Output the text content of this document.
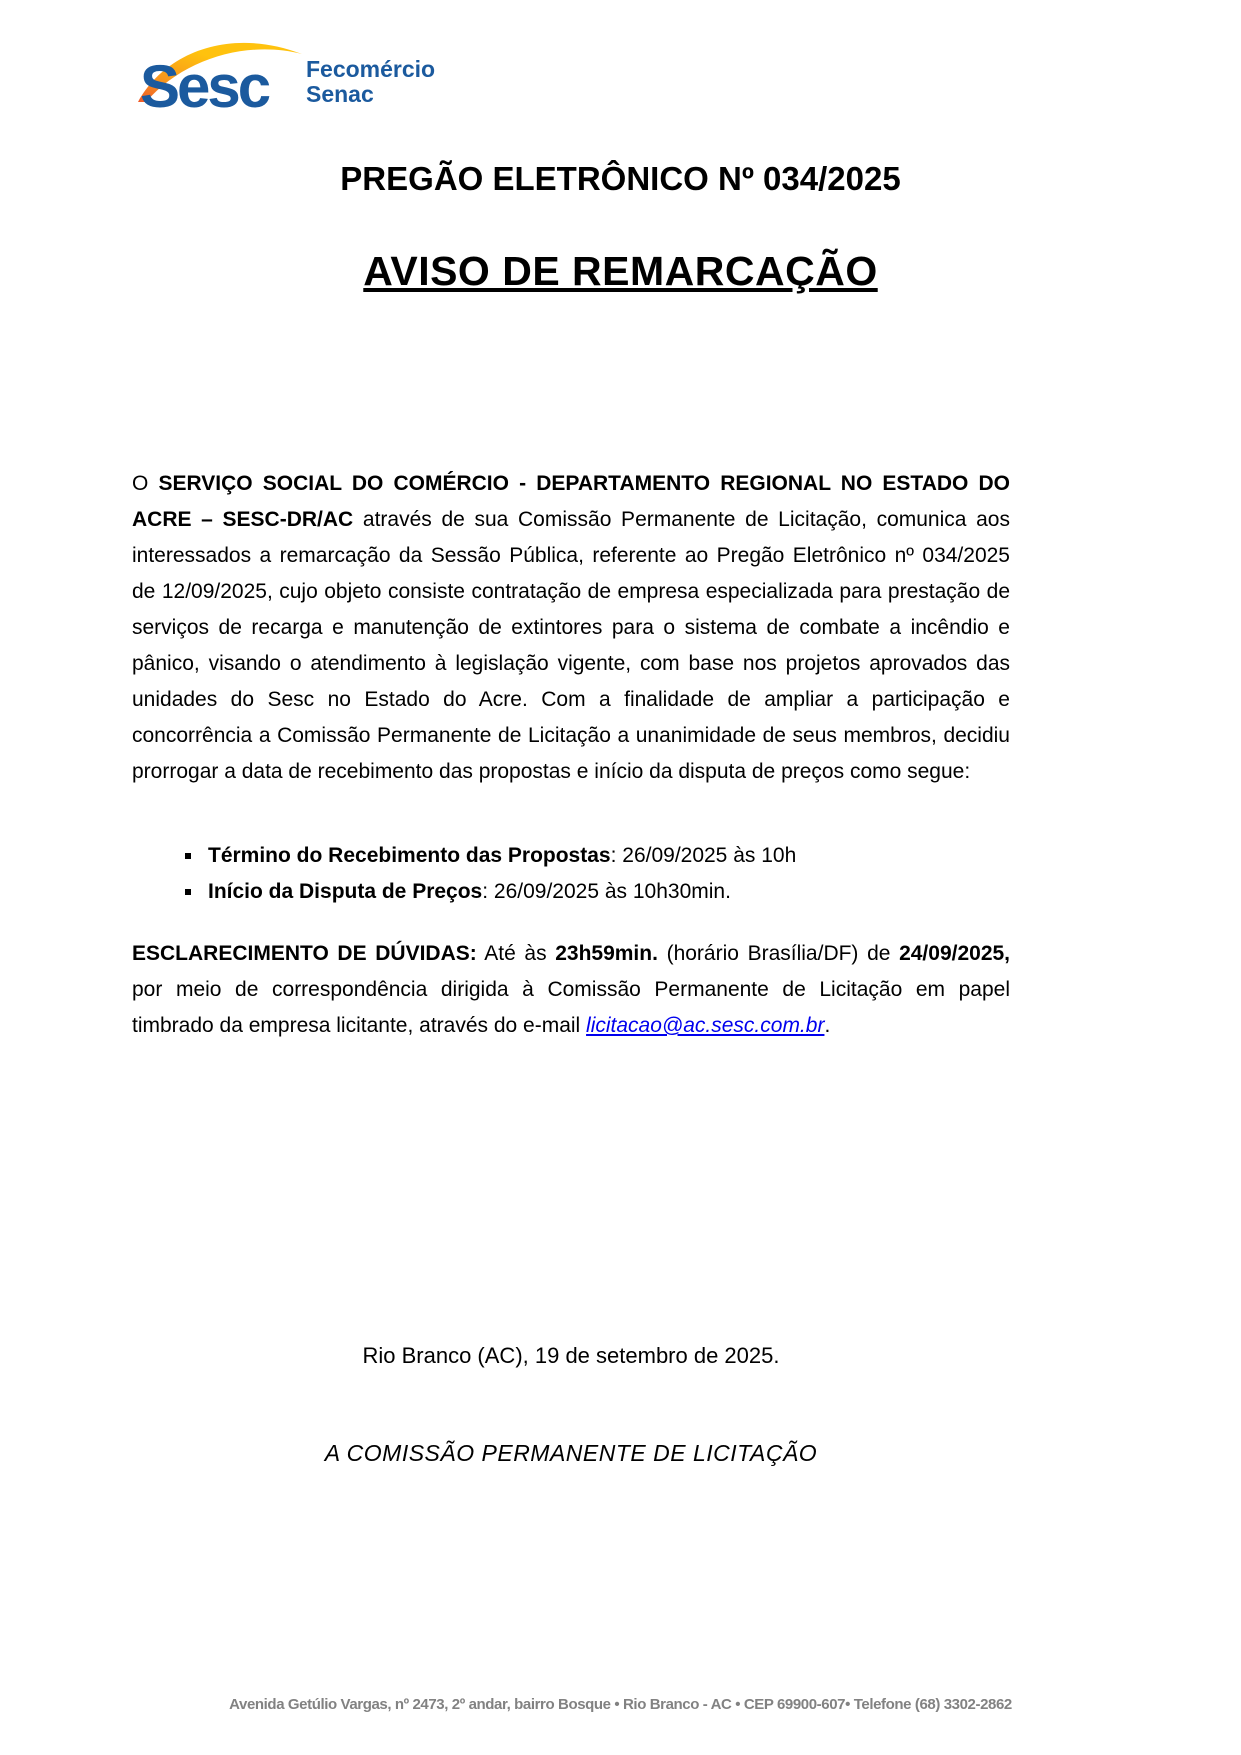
Sesc Fecomércio
Senac
PREGÃO ELETRÔNICO Nº 034/2025
AVISO DE REMARCAÇÃO
O SERVIÇO SOCIAL DO COMÉRCIO - DEPARTAMENTO REGIONAL NO ESTADO DO ACRE – SESC-DR/AC através de sua Comissão Permanente de Licitação, comunica aos interessados a remarcação da Sessão Pública, referente ao Pregão Eletrônico nº 034/2025 de 12/09/2025, cujo objeto consiste contratação de empresa especializada para prestação de serviços de recarga e manutenção de extintores para o sistema de combate a incêndio e pânico, visando o atendimento à legislação vigente, com base nos projetos aprovados das unidades do Sesc no Estado do Acre. Com a finalidade de ampliar a participação e concorrência a Comissão Permanente de Licitação a unanimidade de seus membros, decidiu prorrogar a data de recebimento das propostas e início da disputa de preços como segue:
▪ Término do Recebimento das Propostas: 26/09/2025 às 10h
▪ Início da Disputa de Preços: 26/09/2025 às 10h30min.
ESCLARECIMENTO DE DÚVIDAS: Até às 23h59min. (horário Brasília/DF) de 24/09/2025, por meio de correspondência dirigida à Comissão Permanente de Licitação em papel timbrado da empresa licitante, através do e-mail licitacao@ac.sesc.com.br.
Rio Branco (AC), 19 de setembro de 2025.
A COMISSÃO PERMANENTE DE LICITAÇÃO
Avenida Getúlio Vargas, nº 2473, 2º andar, bairro Bosque • Rio Branco - AC • CEP 69900-607• Telefone (68) 3302-2862
